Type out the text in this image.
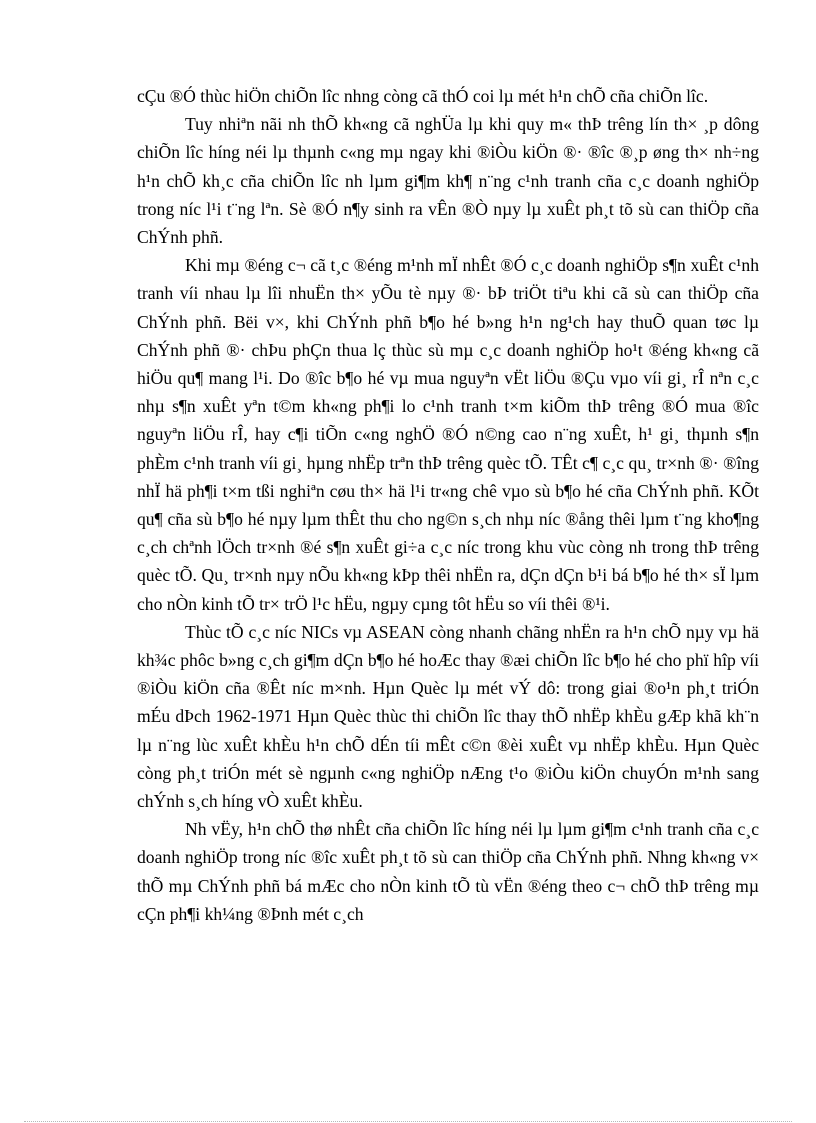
cÇu ®Ó thùc hiÖn chiÕn lîc nhng còng cã thÓ coi lµ mét h¹n chÕ cña chiÕn lîc.

Tuy nhiªn nãi nh thÕ kh«ng cã nghÜa lµ khi quy m« thÞ trêng lín th× ¸p dông chiÕn lîc híng néi lµ thµnh c«ng mµ ngay khi ®iÒu kiÖn ®· ®îc ®¸p øng th× nh÷ng h¹n chÕ kh¸c cña chiÕn lîc nh lµm gi¶m kh¶ n¨ng c¹nh tranh cña c¸c doanh nghiÖp trong níc l¹i t¨ng lªn. Sè ®Ó n¶y sinh ra vÊn ®Ò nµy lµ xuÊt ph¸t tõ sù can thiÖp cña ChÝnh phñ.

Khi mµ ®éng c¬ cã t¸c ®éng m¹nh mÏ nhÊt ®Ó c¸c doanh nghiÖp s¶n xuÊt c¹nh tranh víi nhau lµ lîi nhuËn th× yÕu tè nµy ®· bÞ triÖt tiªu khi cã sù can thiÖp cña ChÝnh phñ. Bëi v×, khi ChÝnh phñ b¶o hé b»ng h¹n ng¹ch hay thuÕ quan tøc lµ ChÝnh phñ ®· chÞu phÇn thua lç thùc sù mµ c¸c doanh nghiÖp ho¹t ®éng kh«ng cã hiÖu qu¶ mang l¹i. Do ®îc b¶o hé vµ mua nguyªn vËt liÖu ®Çu vµo víi gi¸ rÎ nªn c¸c nhµ s¶n xuÊt yªn t©m kh«ng ph¶i lo c¹nh tranh t×m kiÕm thÞ trêng ®Ó mua ®îc nguyªn liÖu rÎ, hay c¶i tiÕn c«ng nghÖ ®Ó n©ng cao n¨ng xuÊt, h¹ gi¸ thµnh s¶n phÈm c¹nh tranh víi gi¸ hµng nhËp trªn thÞ trêng quèc tÕ. TÊt c¶ c¸c qu¸ tr×nh ®· ®îng nhÏ hä ph¶i t×m tßi nghiªn cøu th× hä l¹i tr«ng chê vµo sù b¶o hé cña ChÝnh phñ. KÕt qu¶ cña sù b¶o hé nµy lµm thÊt thu cho ng©n s¸ch nhµ níc ®ång thêi lµm t¨ng kho¶ng c¸ch chªnh lÖch tr×nh ®é s¶n xuÊt gi÷a c¸c níc trong khu vùc còng nh trong thÞ trêng quèc tÕ. Qu¸ tr×nh nµy nÕu kh«ng kÞp thêi nhËn ra, dÇn dÇn b¹i bá b¶o hé th× sÏ lµm cho nÒn kinh tÕ tr× trÖ l¹c hËu, ngµy cµng tôt hËu so víi thêi ®¹i.

Thùc tÕ c¸c níc NICs vµ ASEAN còng nhanh chãng nhËn ra h¹n chÕ nµy vµ hä kh¾c phôc b»ng c¸ch gi¶m dÇn b¶o hé hoÆc thay ®æi chiÕn lîc b¶o hé cho phï hîp víi ®iÒu kiÖn cña ®Êt níc m×nh. Hµn Quèc lµ mét vÝ dô: trong giai ®o¹n ph¸t triÓn mÉu dÞch 1962-1971 Hµn Quèc thùc thi chiÕn lîc thay thÕ nhËp khÈu gÆp khã kh¨n lµ n¨ng lùc xuÊt khÈu h¹n chÕ dÉn tíi mÊt c©n ®èi xuÊt vµ nhËp khÈu. Hµn Quèc còng ph¸t triÓn mét sè ngµnh c«ng nghiÖp nÆng t¹o ®iÒu kiÖn chuyÓn m¹nh sang chÝnh s¸ch híng vÒ xuÊt khÈu.

Nh vËy, h¹n chÕ thø nhÊt cña chiÕn lîc híng néi lµ lµm gi¶m c¹nh tranh cña c¸c doanh nghiÖp trong níc ®îc xuÊt ph¸t tõ sù can thiÖp cña ChÝnh phñ. Nhng kh«ng v× thÕ mµ ChÝnh phñ bá mÆc cho nÒn kinh tÕ tù vËn ®éng theo c¬ chÕ thÞ trêng mµ cÇn ph¶i kh¼ng ®Þnh mét c¸ch
